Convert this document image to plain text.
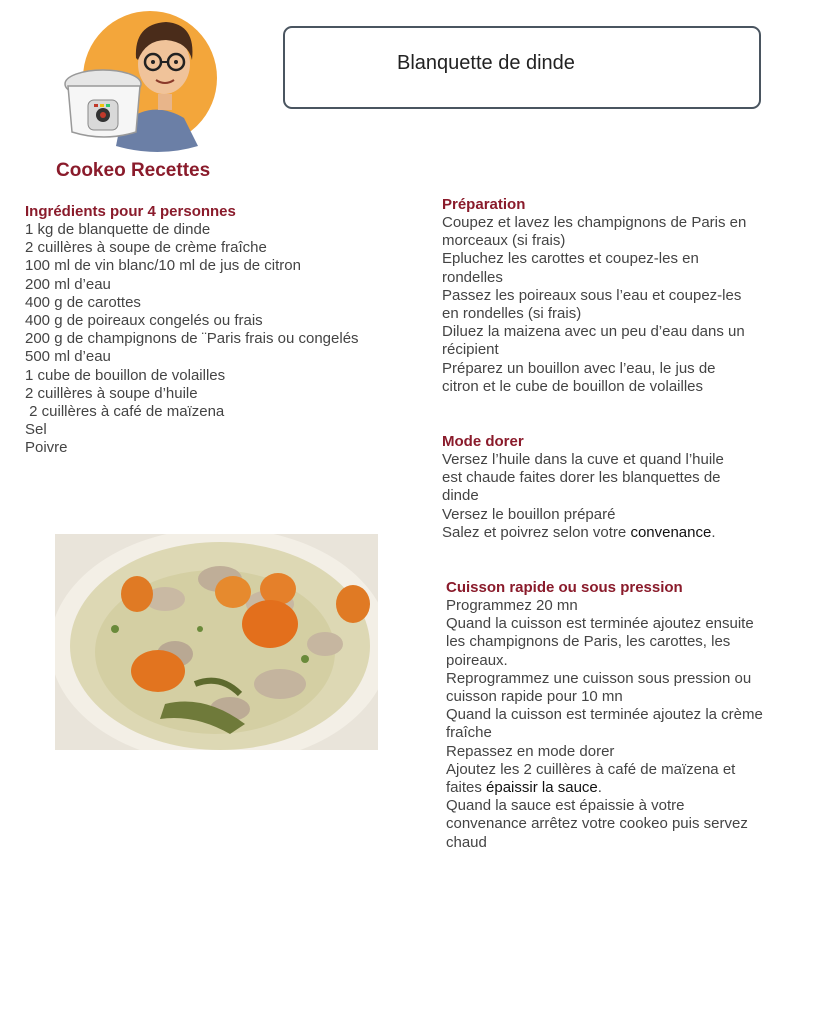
Cookeo Recettes
Blanquette de dinde
Ingrédients pour 4 personnes
1 kg de blanquette de dinde
2 cuillères à soupe de crème fraîche
100 ml de vin blanc/10 ml de jus de citron
200 ml d’eau
400 g de carottes
400 g de poireaux congelés ou frais
200 g de champignons de ¨Paris frais ou congelés
500 ml d’eau
1 cube de bouillon de volailles
2 cuillères à soupe d’huile
2 cuillères à café de maïzena
Sel
Poivre
Préparation
Coupez et lavez les champignons de Paris en
morceaux (si frais)
Epluchez les carottes et coupez-les en
rondelles
Passez les poireaux sous l’eau et coupez-les
en rondelles (si frais)
Diluez la maizena avec un peu d’eau dans un
récipient
Préparez un bouillon avec l’eau, le jus de
citron et le cube de bouillon de volailles
Mode dorer
Versez l’huile dans la cuve et quand l’huile
est chaude faites dorer les blanquettes de
dinde
Versez le bouillon préparé
Salez et poivrez selon votre convenance.
Cuisson rapide ou sous pression
Programmez 20 mn
Quand la cuisson est terminée ajoutez ensuite
les champignons de Paris, les carottes, les
poireaux.
Reprogrammez une cuisson sous pression ou
cuisson rapide pour 10 mn
Quand la cuisson est terminée ajoutez la crème
fraîche
Repassez en mode dorer
Ajoutez les 2 cuillères à café de maïzena et
faites épaissir la sauce.
Quand la sauce est épaissie à votre
convenance arrêtez votre cookeo puis servez
chaud
